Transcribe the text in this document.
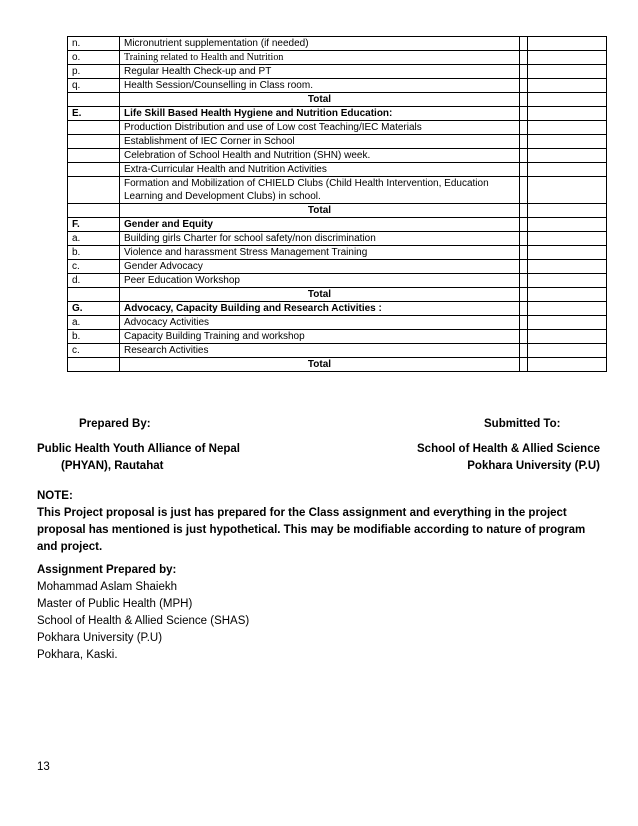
n.	Micronutrient supplementation (if needed)		
o.	Training related to Health and Nutrition		
p.	Regular Health Check-up and PT		
q.	Health Session/Counselling in Class room.		
	Total		
E.	Life Skill Based Health Hygiene and Nutrition Education:		
	Production Distribution and use of Low cost Teaching/IEC Materials		
	Establishment of IEC Corner in School		
	Celebration of School Health and Nutrition (SHN) week.		
	Extra-Curricular Health and Nutrition Activities		
	Formation and Mobilization of CHIELD Clubs (Child Health Intervention, Education Learning and Development Clubs) in school.		
	Total		
F.	Gender and Equity		
a.	Building girls Charter for school safety/non discrimination		
b.	Violence and harassment Stress Management Training		
c.	Gender Advocacy		
d.	Peer Education Workshop		
	Total		
G.	Advocacy, Capacity Building and Research Activities :		
a.	Advocacy Activities		
b.	Capacity Building Training and workshop		
c.	Research Activities		
	Total		
Prepared By:	Submitted To:
Public Health Youth Alliance of Nepal
(PHYAN), Rautahat
School of Health & Allied Science
Pokhara University (P.U)
NOTE:
This Project proposal is just has prepared for the Class assignment and everything in the project proposal has mentioned is just hypothetical. This may be modifiable according to nature of program and project.
Assignment Prepared by:
Mohammad Aslam Shaiekh
Master of Public Health (MPH)
School of Health & Allied Science (SHAS)
Pokhara University (P.U)
Pokhara, Kaski.
13
